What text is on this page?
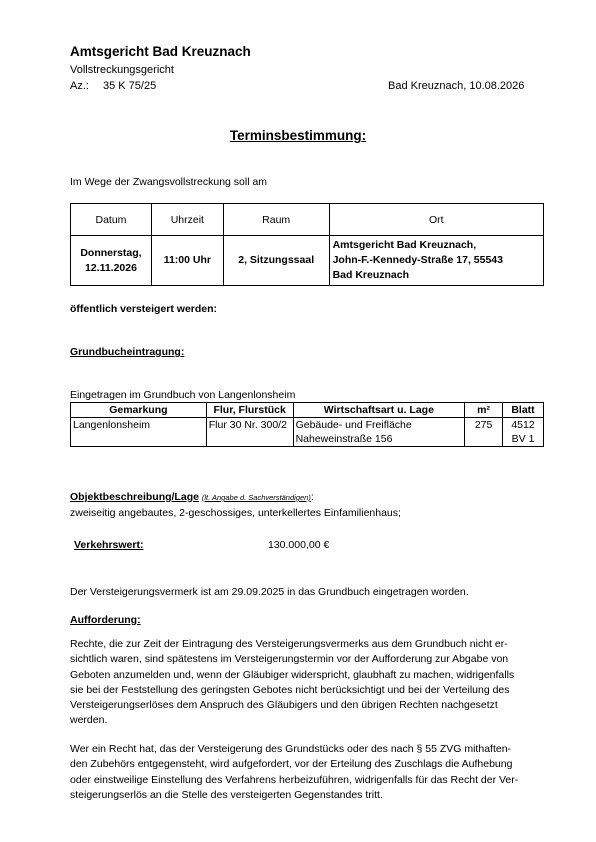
Amtsgericht Bad Kreuznach
Vollstreckungsgericht
Az.: 35 K 75/25	Bad Kreuznach, 10.08.2026
Terminsbestimmung:
Im Wege der Zwangsvollstreckung soll am
Datum	Uhrzeit	Raum	Ort
Donnerstag,
12.11.2026	11:00 Uhr	2, Sitzungssaal	Amtsgericht Bad Kreuznach,
John-F.-Kennedy-Straße 17, 55543
Bad Kreuznach
öffentlich versteigert werden:
Grundbucheintragung:
Eingetragen im Grundbuch von Langenlonsheim
Gemarkung	Flur, Flurstück	Wirtschaftsart u. Lage	m²	Blatt
Langenlonsheim	Flur 30 Nr. 300/2	Gebäude- und Freifläche
Naheweinstraße 156	275	4512
BV 1
Objektbeschreibung/Lage (lt. Angabe d. Sachverständigen):
zweiseitig angebautes, 2-geschossiges, unterkellertes Einfamilienhaus;
Verkehrswert:	130.000,00 €
Der Versteigerungsvermerk ist am 29.09.2025 in das Grundbuch eingetragen worden.
Aufforderung:
Rechte, die zur Zeit der Eintragung des Versteigerungsvermerks aus dem Grundbuch nicht er-
sichtlich waren, sind spätestens im Versteigerungstermin vor der Aufforderung zur Abgabe von
Geboten anzumelden und, wenn der Gläubiger widerspricht, glaubhaft zu machen, widrigenfalls
sie bei der Feststellung des geringsten Gebotes nicht berücksichtigt und bei der Verteilung des
Versteigerungserlöses dem Anspruch des Gläubigers und den übrigen Rechten nachgesetzt
werden.
Wer ein Recht hat, das der Versteigerung des Grundstücks oder des nach § 55 ZVG mithaften-
den Zubehörs entgegensteht, wird aufgefordert, vor der Erteilung des Zuschlags die Aufhebung
oder einstweilige Einstellung des Verfahrens herbeizuführen, widrigenfalls für das Recht der Ver-
steigerungserlös an die Stelle des versteigerten Gegenstandes tritt.
